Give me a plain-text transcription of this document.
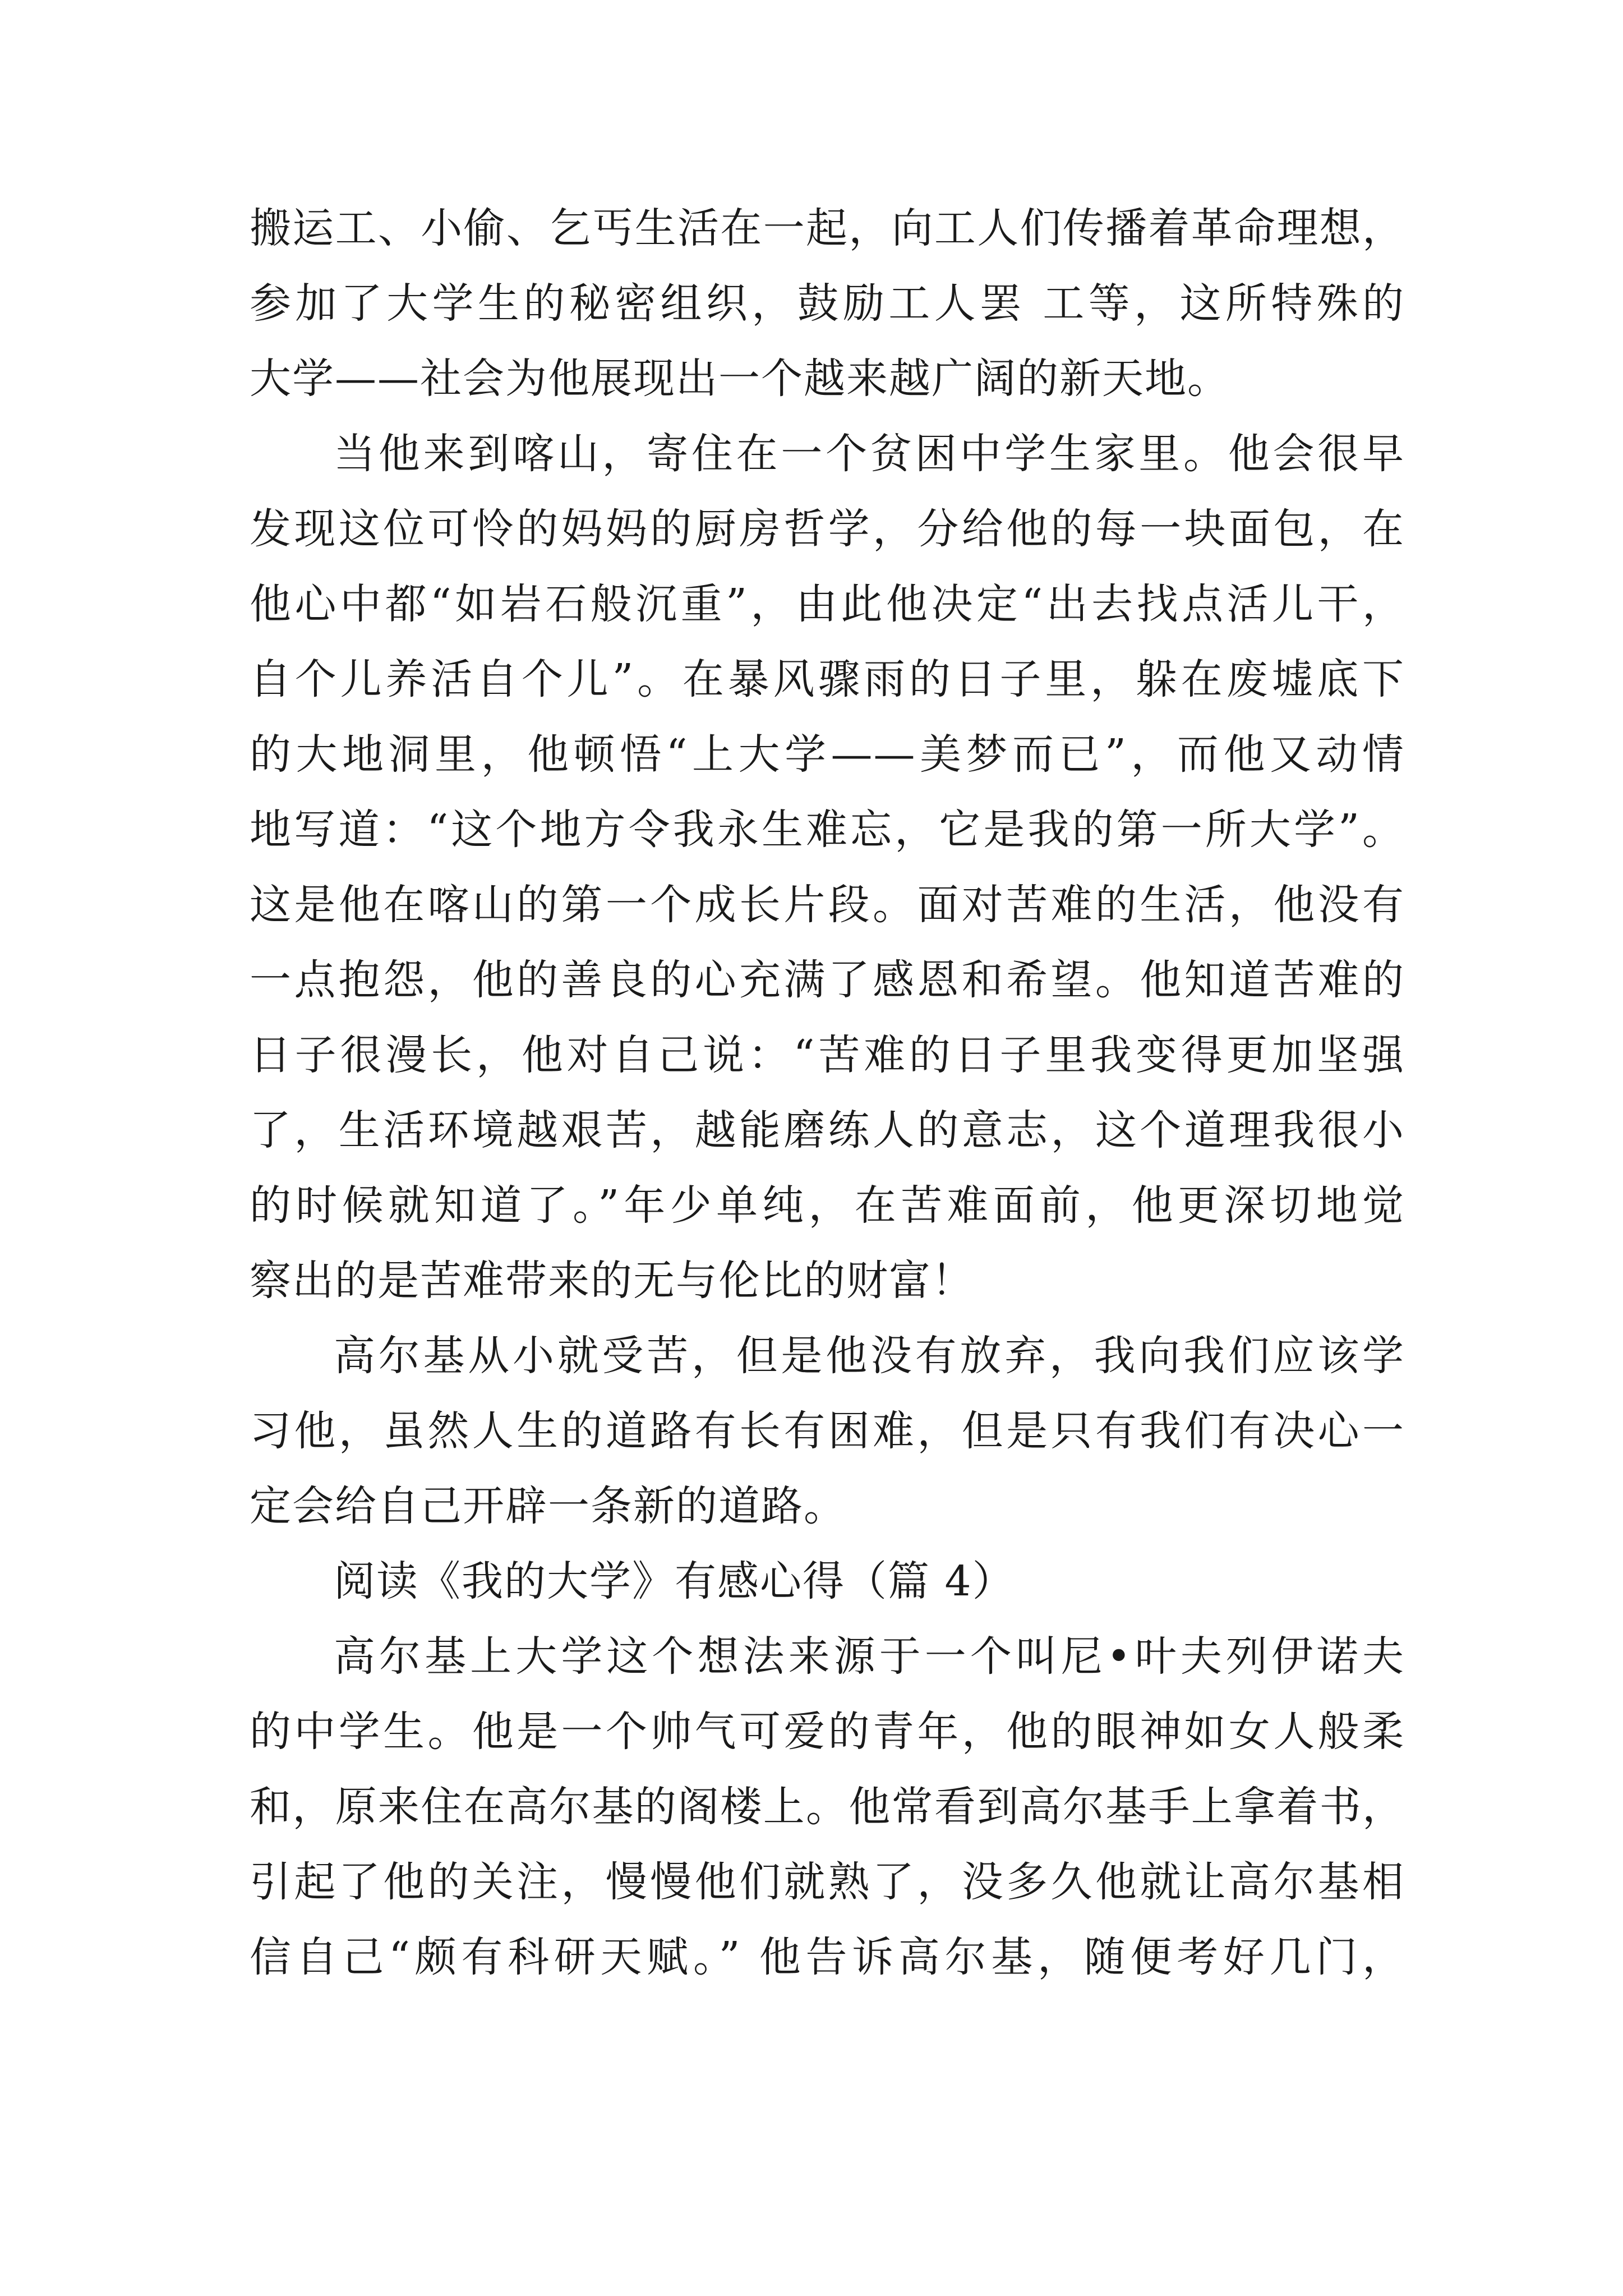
搬运工、小偷、乞丐生活在一起，向工人们传播着革命理想，
参加了大学生的秘密组织，鼓励工人罢 工等，这所特殊的
大学——社会为他展现出一个越来越广阔的新天地。
当他来到喀山，寄住在一个贫困中学生家里。他会很早
发现这位可怜的妈妈的厨房哲学，分给他的每一块面包，在
他心中都“如岩石般沉重”，由此他决定“出去找点活儿干，
自个儿养活自个儿”。在暴风骤雨的日子里，躲在废墟底下
的大地洞里，他顿悟“上大学——美梦而已”，而他又动情
地写道：“这个地方令我永生难忘，它是我的第一所大学”。
这是他在喀山的第一个成长片段。面对苦难的生活，他没有
一点抱怨，他的善良的心充满了感恩和希望。他知道苦难的
日子很漫长，他对自己说：“苦难的日子里我变得更加坚强
了，生活环境越艰苦，越能磨练人的意志，这个道理我很小
的时候就知道了。”年少单纯，在苦难面前，他更深切地觉
察出的是苦难带来的无与伦比的财富！
高尔基从小就受苦，但是他没有放弃，我向我们应该学
习他，虽然人生的道路有长有困难，但是只有我们有决心一
定会给自己开辟一条新的道路。
阅读《我的大学》有感心得（篇 4）
高尔基上大学这个想法来源于一个叫尼•叶夫列伊诺夫
的中学生。他是一个帅气可爱的青年，他的眼神如女人般柔
和，原来住在高尔基的阁楼上。他常看到高尔基手上拿着书，
引起了他的关注，慢慢他们就熟了，没多久他就让高尔基相
信自己“颇有科研天赋。” 他告诉高尔基，随便考好几门，
